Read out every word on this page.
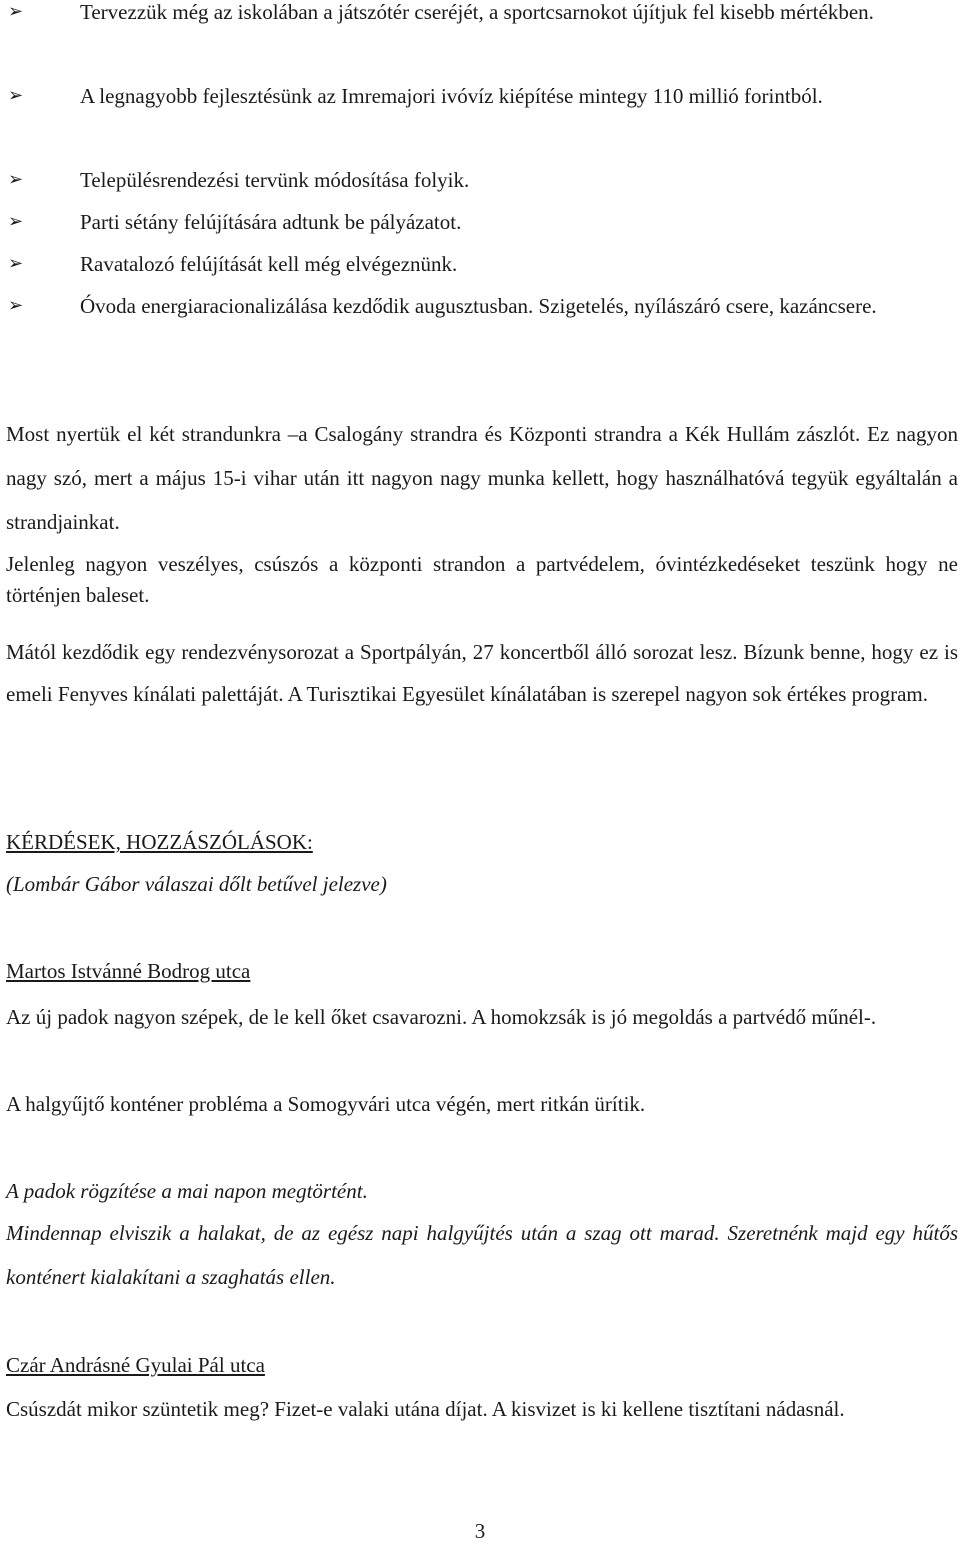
➢	Tervezzük még az iskolában a játszótér cseréjét, a sportcsarnokot újítjuk fel kisebb mértékben.
➢	A legnagyobb fejlesztésünk az Imremajori ivóvíz kiépítése mintegy 110 millió forintból.
➢	Településrendezési tervünk módosítása folyik.
➢	Parti sétány felújítására adtunk be pályázatot.
➢	Ravatalozó felújítását kell még elvégeznünk.
➢	Óvoda energiaracionalizálása kezdődik augusztusban. Szigetelés, nyílászáró csere, kazáncsere.

Most nyertük el két strandunkra –a Csalogány strandra és Központi strandra a Kék Hullám zászlót. Ez nagyon nagy szó, mert a május 15-i vihar után itt nagyon nagy munka kellett, hogy használhatóvá tegyük egyáltalán a strandjainkat.

Jelenleg nagyon veszélyes, csúszós a központi strandon a partvédelem, óvintézkedéseket teszünk hogy ne történjen baleset.

Mától kezdődik egy rendezvénysorozat a Sportpályán, 27 koncertből álló sorozat lesz. Bízunk benne, hogy ez is emeli Fenyves kínálati palettáját. A Turisztikai Egyesület kínálatában is szerepel nagyon sok értékes program.

KÉRDÉSEK, HOZZÁSZÓLÁSOK:

(Lombár Gábor válaszai dőlt betűvel jelezve)

Martos Istvánné Bodrog utca

Az új padok nagyon szépek, de le kell őket csavarozni. A homokzsák is jó megoldás a partvédő műnél-.

A halgyűjtő konténer probléma a Somogyvári utca végén, mert ritkán ürítik.

A padok rögzítése a mai napon megtörtént.

Mindennap elviszik a halakat, de az egész napi halgyűjtés után a szag ott marad. Szeretnénk majd egy hűtős konténert kialakítani a szaghatás ellen.

Czár Andrásné Gyulai Pál utca

Csúszdát mikor szüntetik meg? Fizet-e valaki utána díjat. A kisvizet is ki kellene tisztítani nádasnál.

3
